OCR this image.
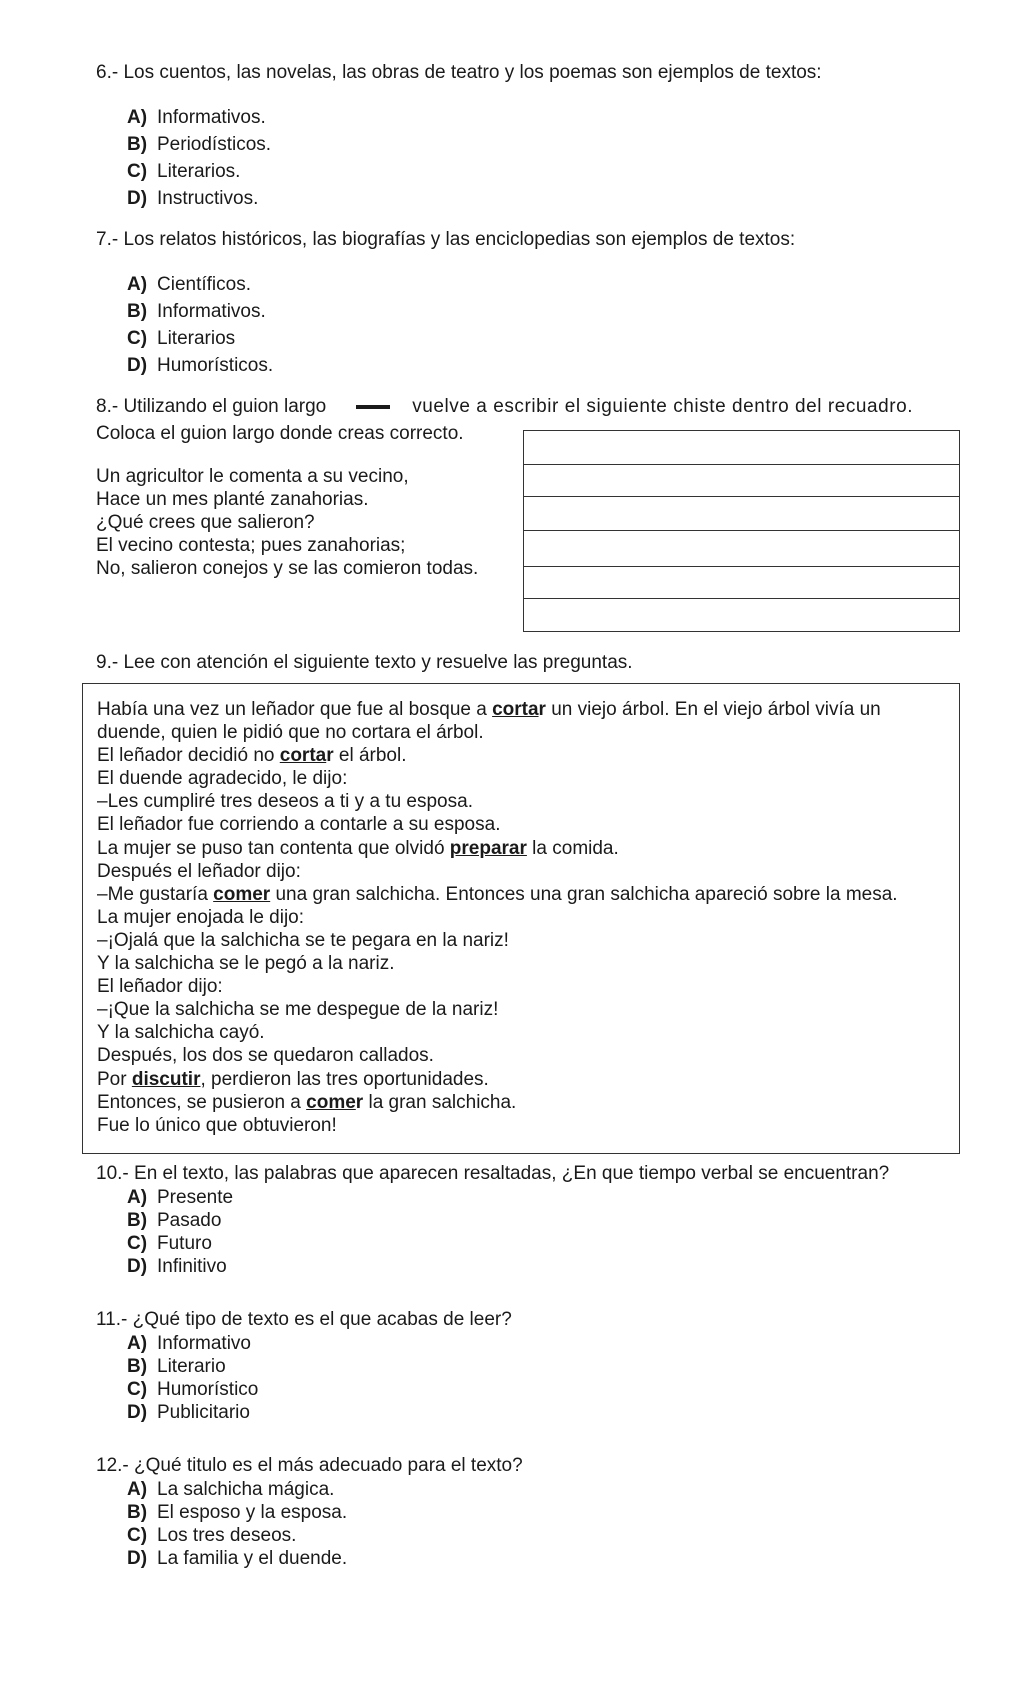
6.- Los cuentos, las novelas, las obras de teatro y los poemas son ejemplos de textos:

A) Informativos.
B) Periodísticos.
C) Literarios.
D) Instructivos.

7.- Los relatos históricos, las biografías y las enciclopedias son ejemplos de textos:

A) Científicos.
B) Informativos.
C) Literarios
D) Humorísticos.

8.- Utilizando el guion largo	vuelve a escribir el siguiente chiste dentro del recuadro.

Coloca el guion largo donde creas correcto.

Un agricultor le comenta a su vecino,
Hace un mes planté zanahorias.
¿Qué crees que salieron?
El vecino contesta; pues zanahorias;
No, salieron conejos y se las comieron todas.

9.- Lee con atención el siguiente texto y resuelve las preguntas.

Había una vez un leñador que fue al bosque a cortar un viejo árbol. En el viejo árbol vivía un
duende, quien le pidió que no cortara el árbol.
El leñador decidió no cortar el árbol.
El duende agradecido, le dijo:
–Les cumpliré tres deseos a ti y a tu esposa.
El leñador fue corriendo a contarle a su esposa.
La mujer se puso tan contenta que olvidó preparar la comida.
Después el leñador dijo:
–Me gustaría comer una gran salchicha. Entonces una gran salchicha apareció sobre la mesa.
La mujer enojada le dijo:
–¡Ojalá que la salchicha se te pegara en la nariz!
Y la salchicha se le pegó a la nariz.
El leñador dijo:
–¡Que la salchicha se me despegue de la nariz!
Y la salchicha cayó.
Después, los dos se quedaron callados.
Por discutir, perdieron las tres oportunidades.
Entonces, se pusieron a comer la gran salchicha.
Fue lo único que obtuvieron!

10.- En el texto, las palabras que aparecen resaltadas, ¿En que tiempo verbal se encuentran?

A) Presente
B) Pasado
C) Futuro
D) Infinitivo

11.- ¿Qué tipo de texto es el que acabas de leer?

A) Informativo
B) Literario
C) Humorístico
D) Publicitario

12.- ¿Qué titulo es el más adecuado para el texto?

A) La salchicha mágica.
B) El esposo y la esposa.
C) Los tres deseos.
D) La familia y el duende.
